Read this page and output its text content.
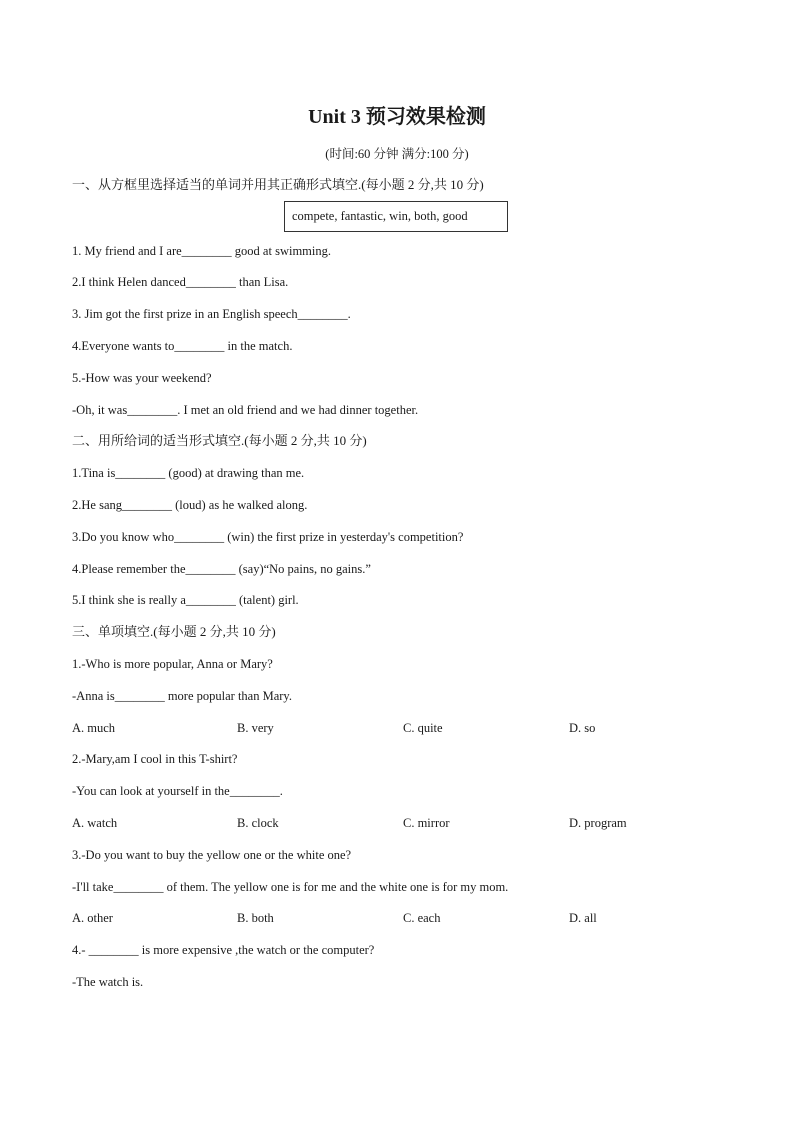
Unit 3 预习效果检测
(时间:60 分钟 满分:100 分)
一、从方框里选择适当的单词并用其正确形式填空.(每小题 2 分,共 10 分)
compete, fantastic, win, both, good
1. My friend and I are________ good at swimming.
2.I think Helen danced________ than Lisa.
3. Jim got the first prize in an English speech________.
4.Everyone wants to________ in the match.
5.-How was your weekend?
-Oh, it was________. I met an old friend and we had dinner together.
二、用所给词的适当形式填空.(每小题 2 分,共 10 分)
1.Tina is________ (good) at drawing than me.
2.He sang________ (loud) as he walked along.
3.Do you know who________ (win) the first prize in yesterday's competition?
4.Please remember the________ (say)“No pains, no gains.”
5.I think she is really a________ (talent) girl.
三、单项填空.(每小题 2 分,共 10 分)
1.-Who is more popular, Anna or Mary?
-Anna is________ more popular than Mary.
A. much	B. very	C. quite	D. so
2.-Mary,am I cool in this T-shirt?
-You can look at yourself in the________.
A. watch	B. clock	C. mirror	D. program
3.-Do you want to buy the yellow one or the white one?
-I'll take________ of them. The yellow one is for me and the white one is for my mom.
A. other	B. both	C. each	D. all
4.- ________ is more expensive ,the watch or the computer?
-The watch is.
